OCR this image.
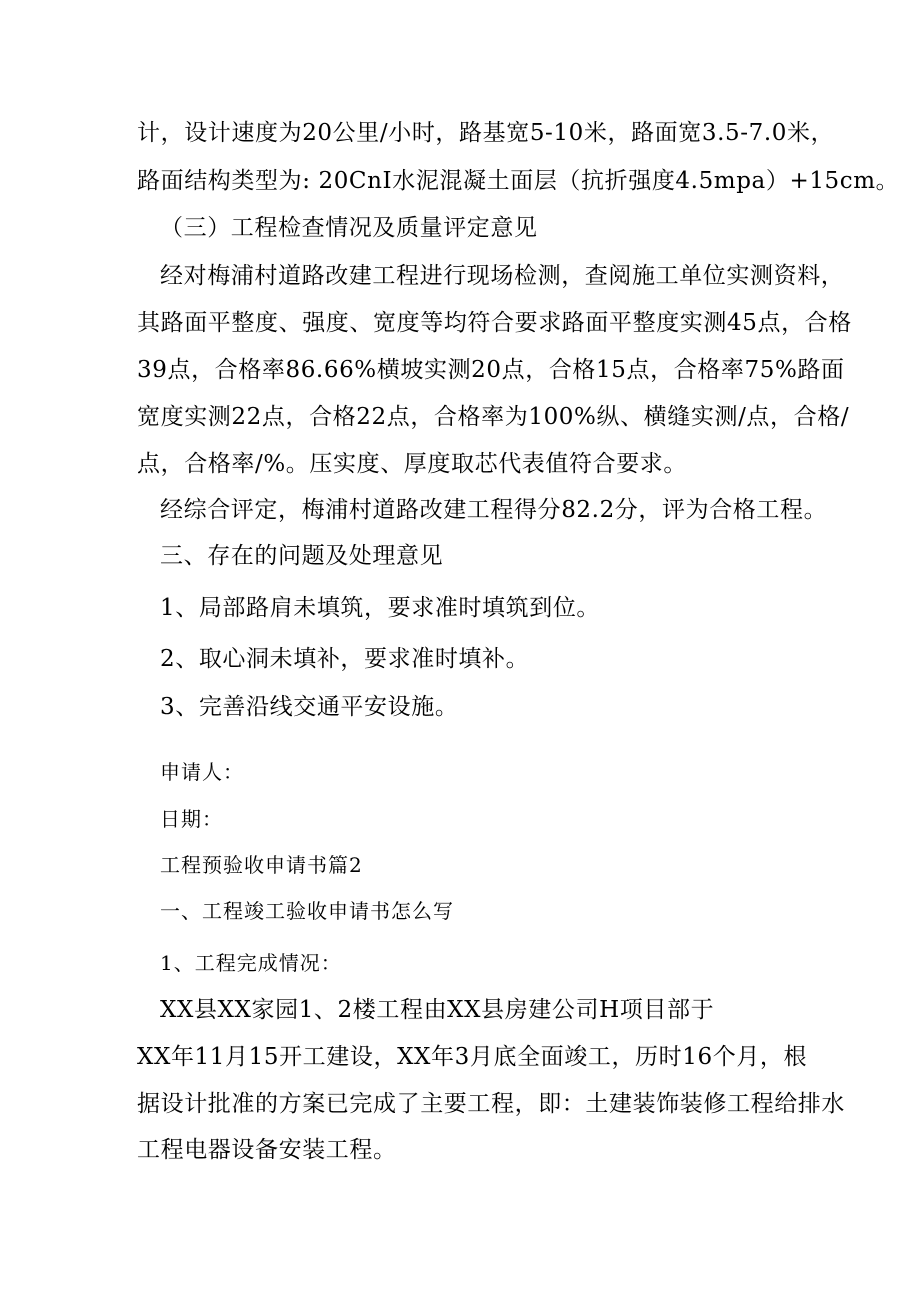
计，设计速度为20公里/小时，路基宽5-10米，路面宽3.5-7.0米，
路面结构类型为: 20CnI水泥混凝土面层（抗折强度4.5mpa）+15cm。
（三）工程检查情况及质量评定意见
经对梅浦村道路改建工程进行现场检测，查阅施工单位实测资料，
其路面平整度、强度、宽度等均符合要求路面平整度实测45点，合格
39点，合格率86.66%横坡实测20点，合格15点，合格率75%路面
宽度实测22点，合格22点，合格率为100%纵、横缝实测/点，合格/
点，合格率/%。压实度、厚度取芯代表值符合要求。
经综合评定，梅浦村道路改建工程得分82.2分，评为合格工程。
三、存在的问题及处理意见
1、局部路肩未填筑，要求准时填筑到位。
2、取心洞未填补，要求准时填补。
3、完善沿线交通平安设施。
申请人：
日期：
工程预验收申请书篇2
一、工程竣工验收申请书怎么写
1、工程完成情况：
XX县XX家园1、2楼工程由XX县房建公司H项目部于
XX年11月15开工建设，XX年3月底全面竣工，历时16个月，根
据设计批准的方案已完成了主要工程，即：土建装饰装修工程给排水
工程电器设备安装工程。
